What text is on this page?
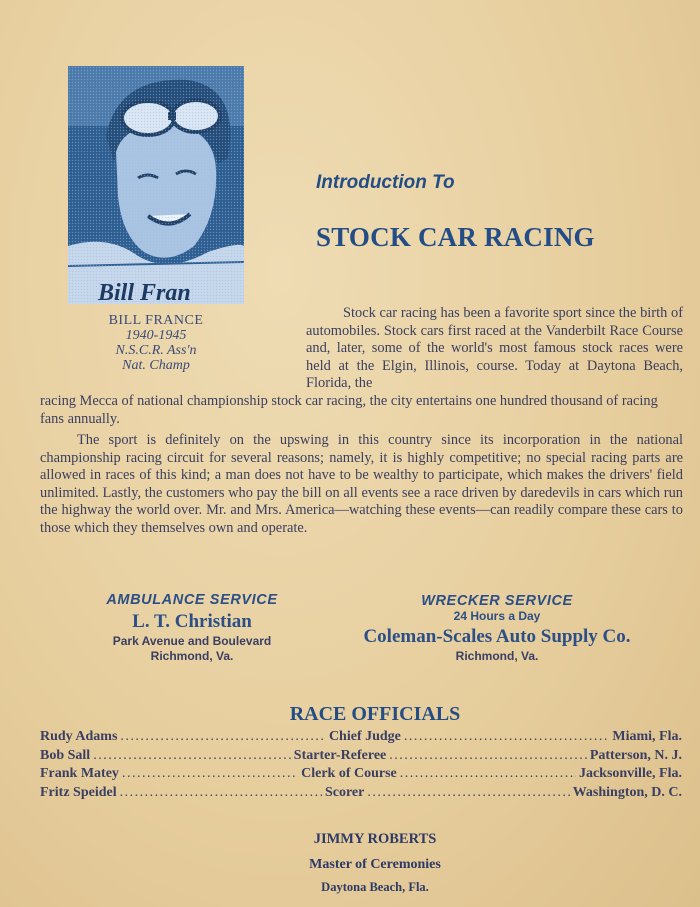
Bill Fran
BILL FRANCE
1940-1945
N.S.C.R. Ass'n
Nat. Champ
Introduction To
STOCK CAR RACING
Stock car racing has been a favorite sport since the birth of automobiles. Stock cars first raced at the Vanderbilt Race Course and, later, some of the world's most famous stock races were held at the Elgin, Illinois, course. Today at Daytona Beach, Florida, the
racing Mecca of national championship stock car racing, the city entertains one hundred thousand of racing fans annually.
The sport is definitely on the upswing in this country since its incorporation in the national championship racing circuit for several reasons; namely, it is highly competitive; no special racing parts are allowed in races of this kind; a man does not have to be wealthy to participate, which makes the drivers' field unlimited. Lastly, the customers who pay the bill on all events see a race driven by daredevils in cars which run the highway the world over. Mr. and Mrs. America—watching these events—can readily compare these cars to those which they themselves own and operate.
AMBULANCE SERVICE
L. T. Christian
Park Avenue and Boulevard
Richmond, Va.
WRECKER SERVICE
24 Hours a Day
Coleman-Scales Auto Supply Co.
Richmond, Va.
RACE OFFICIALS
Rudy Adams .....	Chief Judge .....	Miami, Fla.
Bob Sall .....	Starter-Referee .....	Patterson, N. J.
Frank Matey .....	Clerk of Course .....	Jacksonville, Fla.
Fritz Speidel .....	Scorer .....	Washington, D. C.
JIMMY ROBERTS
Master of Ceremonies
Daytona Beach, Fla.
